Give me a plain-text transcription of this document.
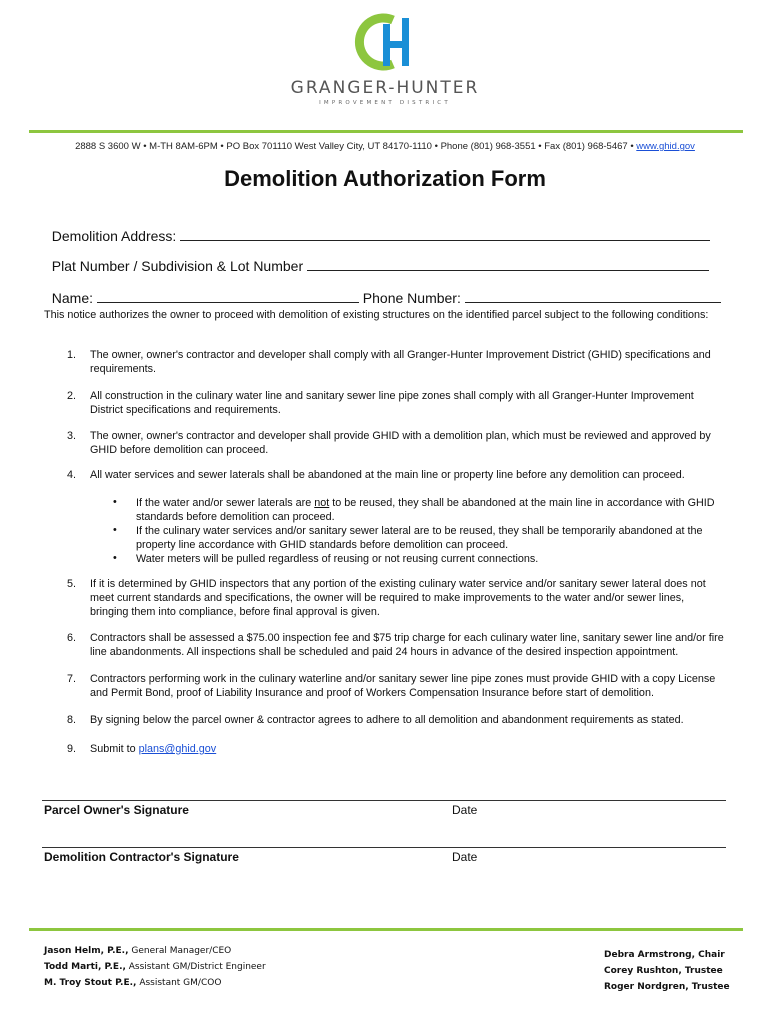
GRANGER-HUNTER
IMPROVEMENT DISTRICT
2888 S 3600 W • M-TH 8AM-6PM • PO Box 701110 West Valley City, UT 84170-1110 • Phone (801) 968-3551 • Fax (801) 968-5467 • www.ghid.gov
Demolition Authorization Form

Demolition Address:

Plat Number / Subdivision & Lot Number

Name:	Phone Number:

This notice authorizes the owner to proceed with demolition of existing structures on the identified parcel subject to the following conditions:
1. The owner, owner's contractor and developer shall comply with all Granger-Hunter Improvement District (GHID) specifications and requirements.
2. All construction in the culinary water line and sanitary sewer line pipe zones shall comply with all Granger-Hunter Improvement District specifications and requirements.
3. The owner, owner's contractor and developer shall provide GHID with a demolition plan, which must be reviewed and approved by GHID before demolition can proceed.
4. All water services and sewer laterals shall be abandoned at the main line or property line before any demolition can proceed.
• If the water and/or sewer laterals are not to be reused, they shall be abandoned at the main line in accordance with GHID standards before demolition can proceed.
• If the culinary water services and/or sanitary sewer lateral are to be reused, they shall be temporarily abandoned at the property line accordance with GHID standards before demolition can proceed.
• Water meters will be pulled regardless of reusing or not reusing current connections.
5. If it is determined by GHID inspectors that any portion of the existing culinary water service and/or sanitary sewer lateral does not meet current standards and specifications, the owner will be required to make improvements to the water and/or sewer lines, bringing them into compliance, before final approval is given.
6. Contractors shall be assessed a $75.00 inspection fee and $75 trip charge for each culinary water line, sanitary sewer line and/or fire line abandonments. All inspections shall be scheduled and paid 24 hours in advance of the desired inspection appointment.
7. Contractors performing work in the culinary waterline and/or sanitary sewer line pipe zones must provide GHID with a copy License and Permit Bond, proof of Liability Insurance and proof of Workers Compensation Insurance before start of demolition.
8. By signing below the parcel owner & contractor agrees to adhere to all demolition and abandonment requirements as stated.
9. Submit to plans@ghid.gov
Parcel Owner's Signature	Date
Demolition Contractor's Signature	Date
Jason Helm, P.E., General Manager/CEO
Todd Marti, P.E., Assistant GM/District Engineer
M. Troy Stout P.E., Assistant GM/COO
Debra Armstrong, Chair
Corey Rushton, Trustee
Roger Nordgren, Trustee
